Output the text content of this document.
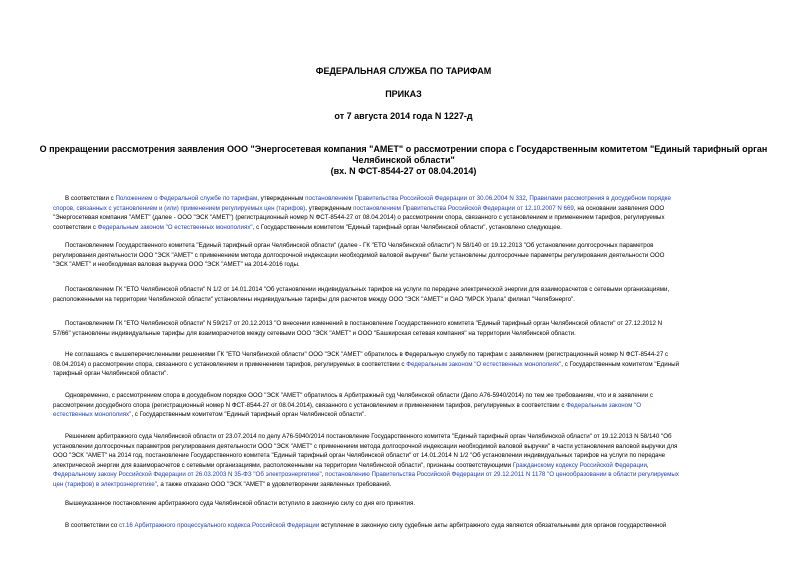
ФЕДЕРАЛЬНАЯ СЛУЖБА ПО ТАРИФАМ
ПРИКАЗ
от 7 августа 2014 года N 1227-д
О прекращении рассмотрения заявления ООО "Энергосетевая компания "АМЕТ" о рассмотрении спора с Государственным комитетом "Единый тарифный орган
Челябинской области"
(вх. N ФСТ-8544-27 от 08.04.2014)
В соответствии с Положением о Федеральной службе по тарифам, утвержденным постановлением Правительства Российской Федерации от 30.06.2004 N 332, Правилами рассмотрения в досудебном порядке
споров, связанных с установлением и (или) применением регулируемых цен (тарифов), утвержденным постановлением Правительства Российской Федерации от 12.10.2007 N 669, на основании заявления ООО
"Энергосетевая компания "АМЕТ" (далее - ООО "ЭСК "АМЕТ") (регистрационный номер N ФСТ-8544-27 от 08.04.2014) о рассмотрении спора, связанного с установлением и применением тарифов, регулируемых
соответствии с Федеральным законом "О естественных монополиях", с Государственным комитетом "Единый тарифный орган Челябинской области", установлено следующее.
Постановлением Государственного комитета "Единый тарифный орган Челябинской области" (далее - ГК "ЕТО Челябинской области") N 58/140 от 19.12.2013 "Об установлении долгосрочных параметров
регулирования деятельности ООО "ЭСК "АМЕТ" с применением метода долгосрочной индексации необходимой валовой выручки" были установлены долгосрочные параметры регулирования деятельности ООО
"ЭСК "АМЕТ" и необходимая валовая выручка ООО "ЭСК "АМЕТ" на 2014-2016 годы.
Постановлением ГК "ЕТО Челябинской области" N 1/2 от 14.01.2014 "Об установлении индивидуальных тарифов на услуги по передаче электрической энергии для взаиморасчетов с сетевыми организациями,
расположенными на территории Челябинской области" установлены индивидуальные тарифы для расчетов между ООО "ЭСК "АМЕТ" и ОАО "МРСК Урала" филиал "Челябэнерго".
Постановлением ГК "ЕТО Челябинской области" N 59/217 от 20.12.2013 "О внесении изменений в постановление Государственного комитета "Единый тарифный орган Челябинской области" от 27.12.2012 N
57/66" установлены индивидуальные тарифы для взаиморасчетов между сетевыми ООО "ЭСК "АМЕТ" и ООО "Башкирская сетевая компания" на территории Челябинской области.
Не соглашаясь с вышеперечисленными решениями ГК "ЕТО Челябинской области" ООО "ЭСК "АМЕТ" обратилось в Федеральную службу по тарифам с заявлением (регистрационный номер N ФСТ-8544-27 с
08.04.2014) о рассмотрении спора, связанного с установлением и применением тарифов, регулируемых в соответствии с Федеральным законом "О естественных монополиях", с Государственным комитетом "Единый
тарифный орган Челябинской области".
Одновременно, с рассмотрением спора в досудебном порядке ООО "ЭСК "АМЕТ" обратилось в Арбитражный суд Челябинской области (Дело А76-5940/2014) по тем же требованиям, что и в заявлении с
рассмотрении досудебного спора (регистрационный номер N ФСТ-8544-27 от 08.04.2014), связанного с установлением и применением тарифов, регулируемых в соответствии с Федеральным законом "О
естественных монополиях", с Государственным комитетом "Единый тарифный орган Челябинской области".
Решением арбитражного суда Челябинской области от 23.07.2014 по делу А76-5940/2014 постановление Государственного комитета "Единый тарифный орган Челябинской области" от 19.12.2013 N 58/140 "Об
установлении долгосрочных параметров регулирования деятельности ООО "ЭСК "АМЕТ" с применением метода долгосрочной индексации необходимой валовой выручки" в части установления валовой выручки для
ООО "ЭСК "АМЕТ" на 2014 год, постановление Государственного комитета "Единый тарифный орган Челябинской области" от 14.01.2014 N 1/2 "Об установлении индивидуальных тарифов на услуги по передаче
электрической энергии для взаиморасчетов с сетевыми организациями, расположенными на территории Челябинской области", признаны соответствующими Гражданскому кодексу Российской Федерации,
Федеральному закону Российской Федерации от 26.03.2003 N 35-ФЗ "Об электроэнергетике", постановлению Правительства Российской Федерации от 29.12.2011 N 1178 "О ценообразовании в области регулируемых
цен (тарифов) в электроэнергетике", а также отказано ООО "ЭСК "АМЕТ" в удовлетворении заявленных требований.
Вышеуказанное постановление арбитражного суда Челябинской области вступило в законную силу со дня его принятия.
В соответствии со ст.16 Арбитражного процессуального кодекса Российской Федерации вступление в законную силу судебные акты арбитражного суда являются обязательными для органов государственной
